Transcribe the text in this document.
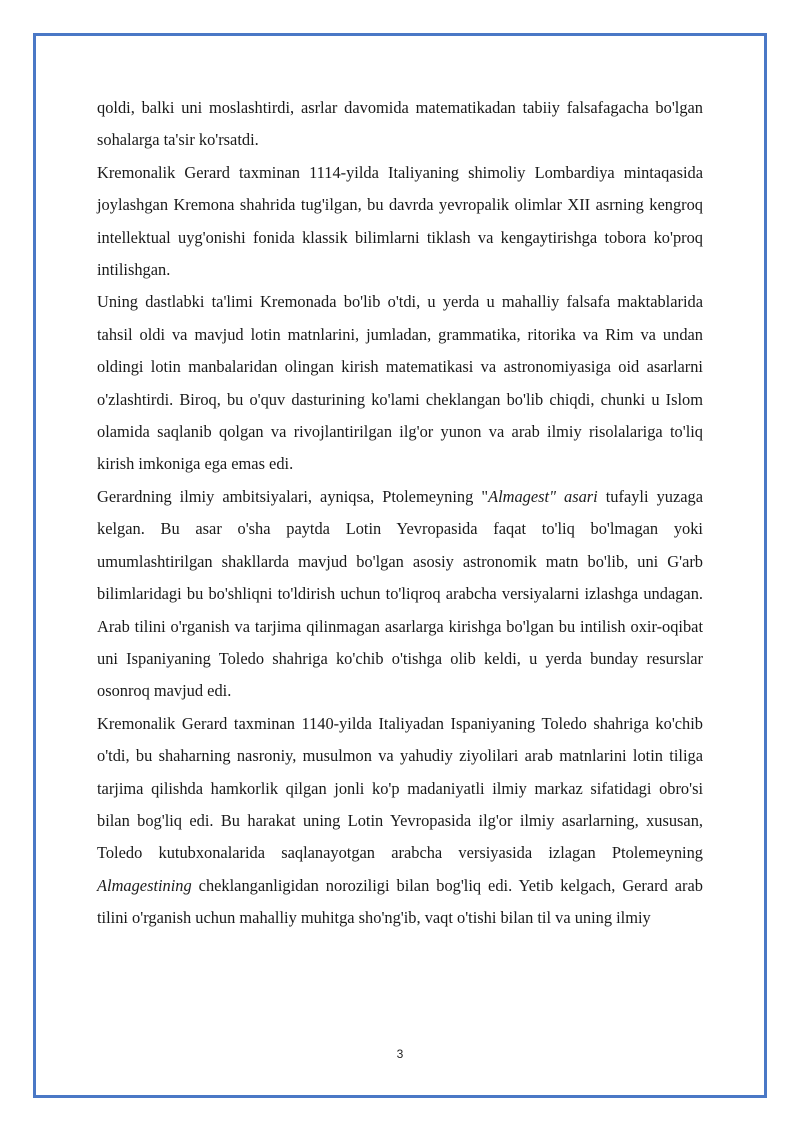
qoldi, balki uni moslashtirdi, asrlar davomida matematikadan tabiiy falsafagacha bo'lgan sohalarga ta'sir ko'rsatdi.

Kremonalik Gerard taxminan 1114-yilda Italiyaning shimoliy Lombardiya mintaqasida joylashgan Kremona shahrida tug'ilgan, bu davrda yevropalik olimlar XII asrning kengroq intellektual uyg'onishi fonida klassik bilimlarni tiklash va kengaytirishga tobora ko'proq intilishgan.

Uning dastlabki ta'limi Kremonada bo'lib o'tdi, u yerda u mahalliy falsafa maktablarida tahsil oldi va mavjud lotin matnlarini, jumladan, grammatika, ritorika va Rim va undan oldingi lotin manbalaridan olingan kirish matematikasi va astronomiyasiga oid asarlarni o'zlashtirdi. Biroq, bu o'quv dasturining ko'lami cheklangan bo'lib chiqdi, chunki u Islom olamida saqlanib qolgan va rivojlantirilgan ilg'or yunon va arab ilmiy risolalariga to'liq kirish imkoniga ega emas edi.

Gerardning ilmiy ambitsiyalari, ayniqsa, Ptolemeyning "Almagest" asari tufayli yuzaga kelgan. Bu asar o'sha paytda Lotin Yevropasida faqat to'liq bo'lmagan yoki umumlashtirilgan shakllarda mavjud bo'lgan asosiy astronomik matn bo'lib, uni G'arb bilimlaridagi bu bo'shliqni to'ldirish uchun to'liqroq arabcha versiyalarni izlashga undagan. Arab tilini o'rganish va tarjima qilinmagan asarlarga kirishga bo'lgan bu intilish oxir-oqibat uni Ispaniyaning Toledo shahriga ko'chib o'tishga olib keldi, u yerda bunday resurslar osonroq mavjud edi.

Kremonalik Gerard taxminan 1140-yilda Italiyadan Ispaniyaning Toledo shahriga ko'chib o'tdi, bu shaharning nasroniy, musulmon va yahudiy ziyolilari arab matnlarini lotin tiliga tarjima qilishda hamkorlik qilgan jonli ko'p madaniyatli ilmiy markaz sifatidagi obro'si bilan bog'liq edi. Bu harakat uning Lotin Yevropasida ilg'or ilmiy asarlarning, xususan, Toledo kutubxonalarida saqlanayotgan arabcha versiyasida izlagan Ptolemeyning Almagestining cheklanganligidan noroziligi bilan bog'liq edi. Yetib kelgach, Gerard arab tilini o'rganish uchun mahalliy muhitga sho'ng'ib, vaqt o'tishi bilan til va uning ilmiy

3
